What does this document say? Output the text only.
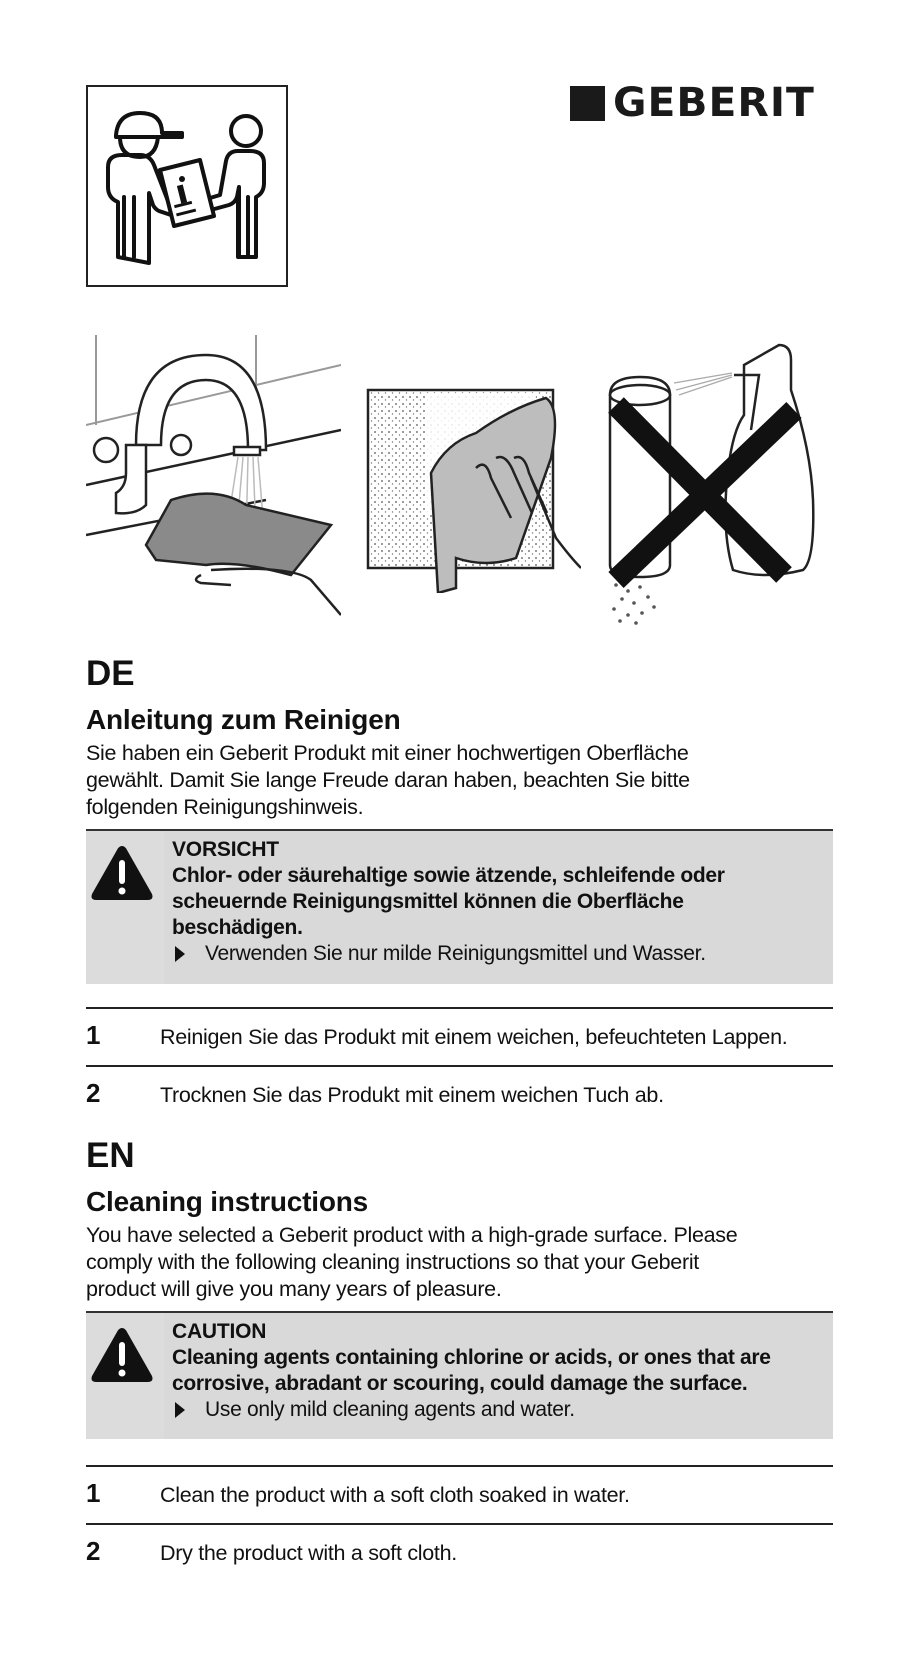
GEBERIT
DE
Anleitung zum Reinigen
Sie haben ein Geberit Produkt mit einer hochwertigen Oberfläche
gewählt. Damit Sie lange Freude daran haben, beachten Sie bitte
folgenden Reinigungshinweis.
VORSICHT
Chlor- oder säurehaltige sowie ätzende, schleifende oder
scheuernde Reinigungsmittel können die Oberfläche
beschädigen.
Verwenden Sie nur milde Reinigungsmittel und Wasser.
1	Reinigen Sie das Produkt mit einem weichen, befeuchteten Lappen.
2	Trocknen Sie das Produkt mit einem weichen Tuch ab.
EN
Cleaning instructions
You have selected a Geberit product with a high-grade surface. Please
comply with the following cleaning instructions so that your Geberit
product will give you many years of pleasure.
CAUTION
Cleaning agents containing chlorine or acids, or ones that are
corrosive, abradant or scouring, could damage the surface.
Use only mild cleaning agents and water.
1	Clean the product with a soft cloth soaked in water.
2	Dry the product with a soft cloth.
